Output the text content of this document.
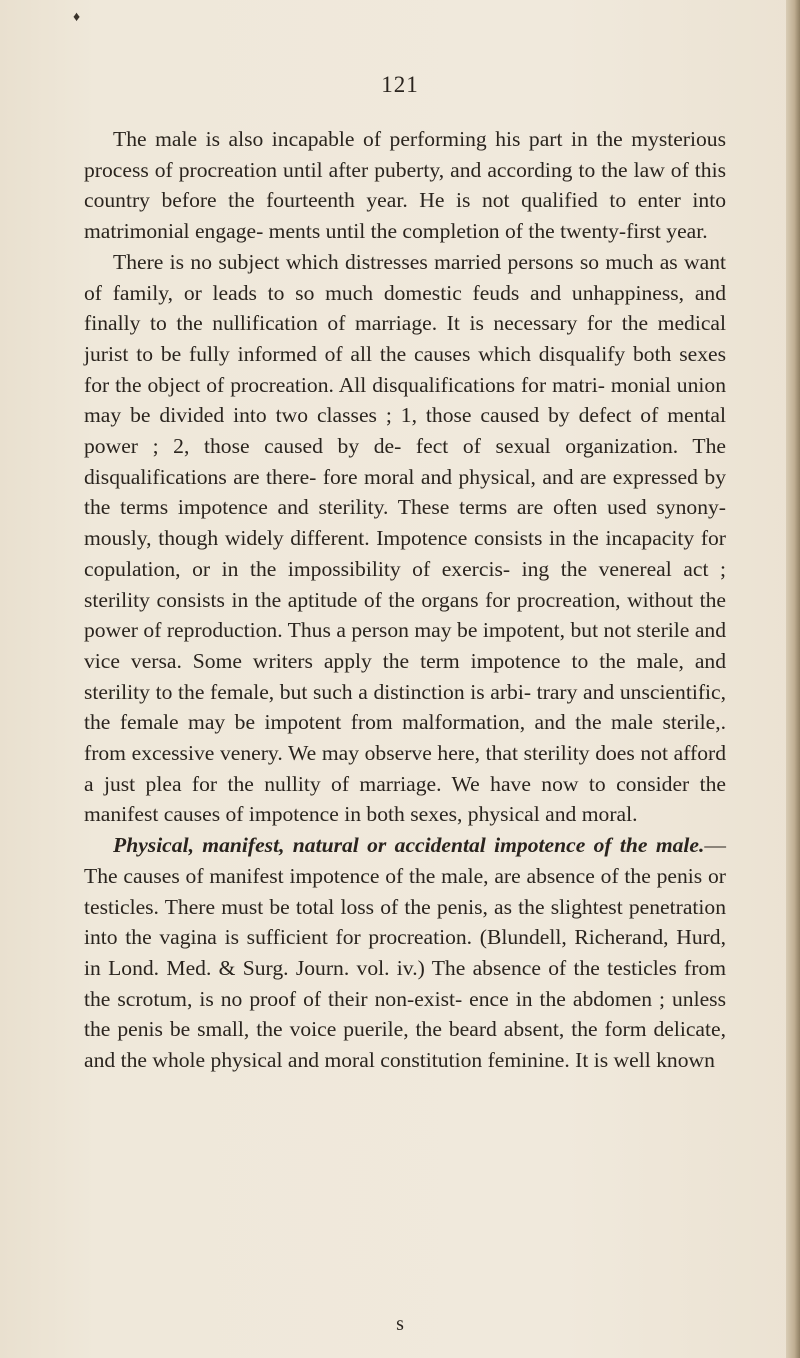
♦
121

The male is also incapable of performing his part in the mysterious process of procreation until after puberty, and according to the law of this country before the fourteenth year. He is not qualified to enter into matrimonial engage- ments until the completion of the twenty-first year.

There is no subject which distresses married persons so much as want of family, or leads to so much domestic feuds and unhappiness, and finally to the nullification of marriage. It is necessary for the medical jurist to be fully informed of all the causes which disqualify both sexes for the object of procreation. All disqualifications for matri- monial union may be divided into two classes ; 1, those caused by defect of mental power ; 2, those caused by de- fect of sexual organization. The disqualifications are there- fore moral and physical, and are expressed by the terms impotence and sterility. These terms are often used synony- mously, though widely different. Impotence consists in the incapacity for copulation, or in the impossibility of exercis- ing the venereal act ; sterility consists in the aptitude of the organs for procreation, without the power of reproduction. Thus a person may be impotent, but not sterile and vice versa. Some writers apply the term impotence to the male, and sterility to the female, but such a distinction is arbi- trary and unscientific, the female may be impotent from malformation, and the male sterile,. from excessive venery. We may observe here, that sterility does not afford a just plea for the nullity of marriage. We have now to consider the manifest causes of impotence in both sexes, physical and moral.

Physical, manifest, natural or accidental impotence of the male.—The causes of manifest impotence of the male, are absence of the penis or testicles. There must be total loss of the penis, as the slightest penetration into the vagina is sufficient for procreation. (Blundell, Richerand, Hurd, in Lond. Med. & Surg. Journ. vol. iv.) The absence of the testicles from the scrotum, is no proof of their non-exist- ence in the abdomen ; unless the penis be small, the voice puerile, the beard absent, the form delicate, and the whole physical and moral constitution feminine. It is well known

s
